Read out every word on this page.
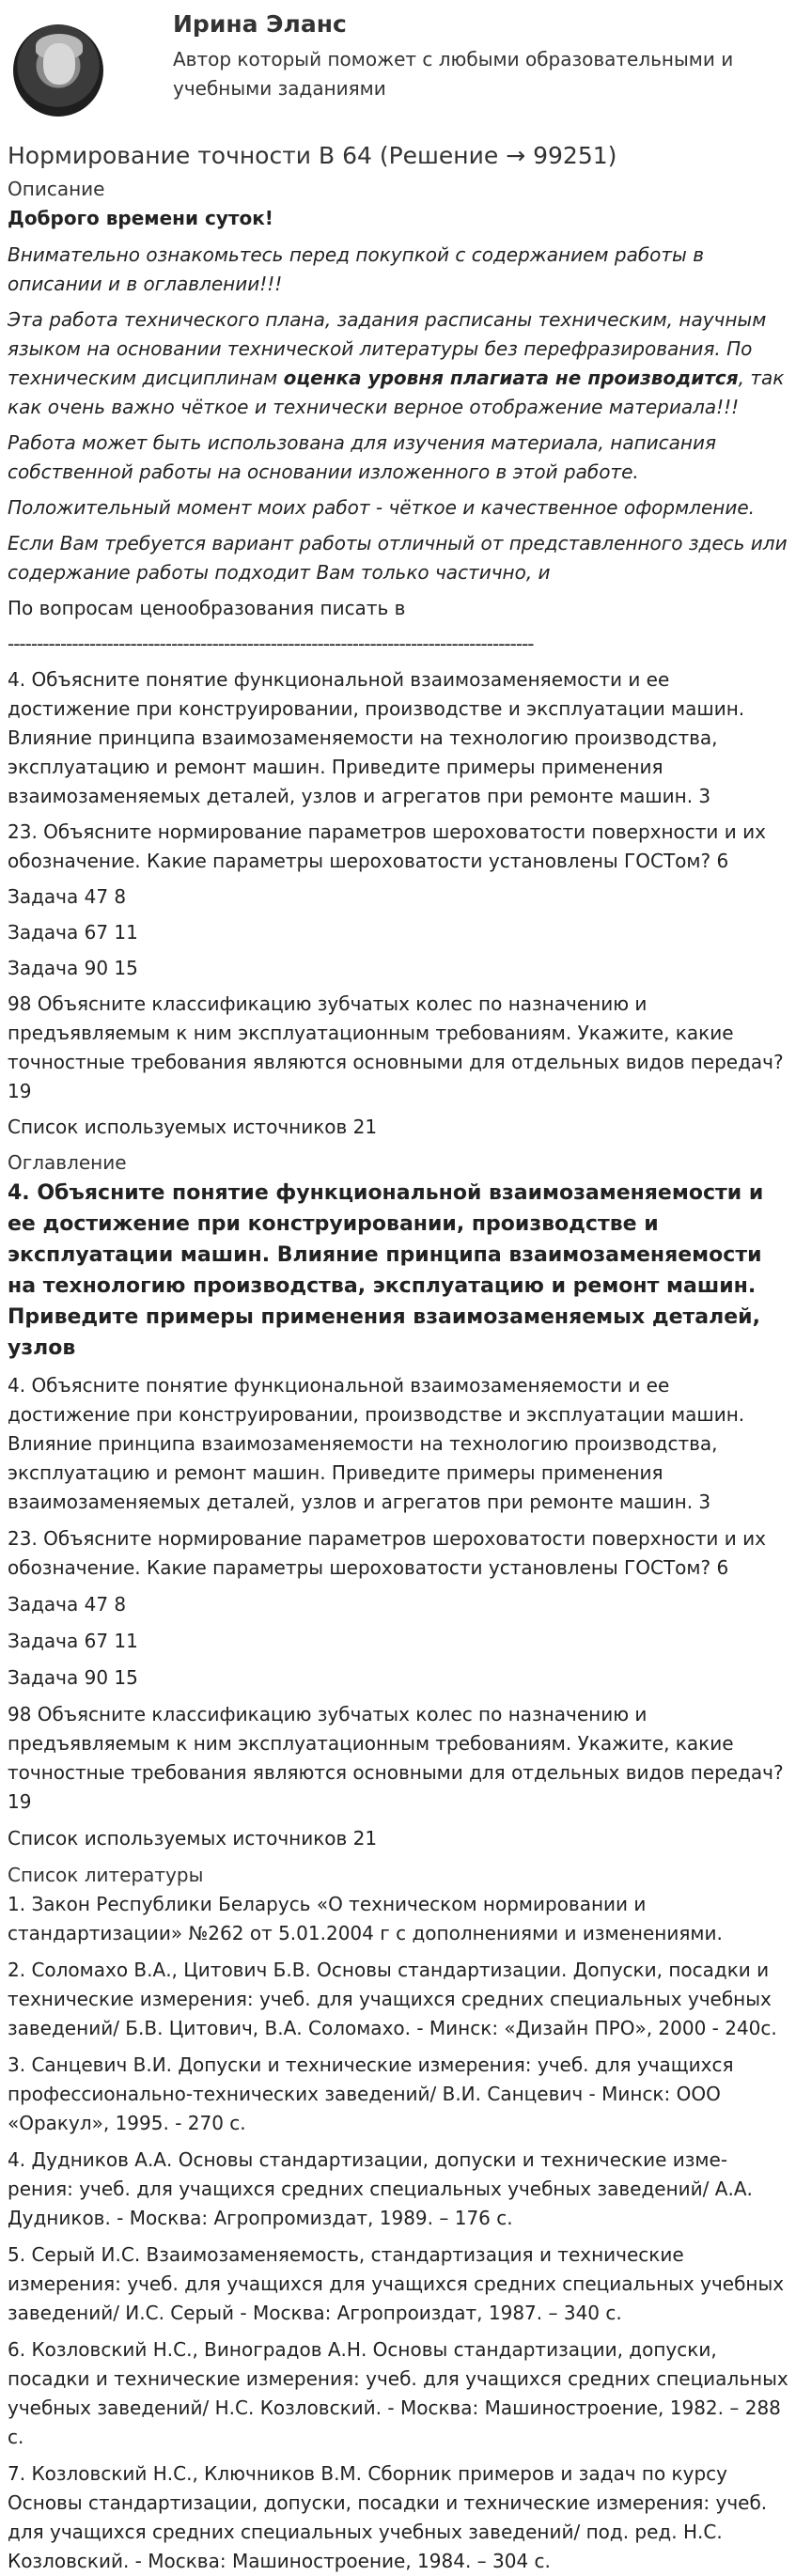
Ирина Эланс
Автор который поможет с любыми образовательными и учебными заданиями
Нормирование точности В 64 (Решение → 99251)
Описание

Доброго времени суток!

Внимательно ознакомьтесь перед покупкой с содержанием работы в описании и в оглавлении!!!

Эта работа технического плана, задания расписаны техническим, научным языком на основании технической литературы без перефразирования. По техническим дисциплинам оценка уровня плагиата не производится, так как очень важно чёткое и технически верное отображение материала!!!

Работа может быть использована для изучения материала, написания собственной работы на основании изложенного в этой работе.

Положительный момент моих работ - чёткое и качественное оформление.

Если Вам требуется вариант работы отличный от представленного здесь или содержание работы подходит Вам только частично, и

По вопросам ценообразования писать в

------------------------------------------------------------------------------------------

4. Объясните понятие функциональной взаимозаменяемости и ее достижение при конструировании, производстве и эксплуатации машин. Влияние принципа взаимозаменяемости на технологию производства, эксплуатацию и ремонт машин. Приведите примеры применения взаимозаменяемых деталей, узлов и агрегатов при ремонте машин. 3

23. Объясните нормирование параметров шероховатости поверхности и их обозначение. Какие параметры шероховатости установлены ГОСТом? 6

Задача 47 8

Задача 67 11

Задача 90 15

98 Объясните классификацию зубчатых колес по назначению и предъявляемым к ним эксплуатационным требованиям. Укажите, какие точностные требования являются основными для отдельных видов передач? 19

Список используемых источников 21

Оглавление
4. Объясните понятие функциональной взаимозаменяемости и ее достижение при конструировании, производстве и эксплуатации машин. Влияние принципа взаимозаменяемости на технологию производства, эксплуатацию и ремонт машин. Приведите примеры применения взаимозаменяемых деталей, узлов

4. Объясните понятие функциональной взаимозаменяемости и ее достижение при конструировании, производстве и эксплуатации машин. Влияние принципа взаимозаменяемости на технологию производства, эксплуатацию и ремонт машин. Приведите примеры применения взаимозаменяемых деталей, узлов и агрегатов при ремонте машин. 3

23. Объясните нормирование параметров шероховатости поверхности и их обозначение. Какие параметры шероховатости установлены ГОСТом? 6

Задача 47 8

Задача 67 11

Задача 90 15

98 Объясните классификацию зубчатых колес по назначению и предъявляемым к ним эксплуатационным требованиям. Укажите, какие точностные требования являются основными для отдельных видов передач? 19

Список используемых источников 21

Список литературы

1. Закон Республики Беларусь «О техническом нормировании и стандартизации» №262 от 5.01.2004 г с дополнениями и изменениями.

2. Соломахо В.А., Цитович Б.В. Основы стандартизации. Допуски, посадки и технические измерения: учеб. для учащихся средних специальных учебных заведений/ Б.В. Цитович, В.А. Соломахо. - Минск: «Дизайн ПРО», 2000 - 240с.

3. Санцевич В.И. Допуски и технические измерения: учеб. для учащихся профессионально-технических заведений/ В.И. Санцевич - Минск: ООО «Оракул», 1995. - 270 с.

4. Дудников А.А. Основы стандартизации, допуски и технические изме-рения: учеб. для учащихся средних специальных учебных заведений/ А.А. Дудников. - Москва: Агропромиздат, 1989. – 176 с.

5. Серый И.С. Взаимозаменяемость, стандартизация и технические измерения: учеб. для учащихся для учащихся средних специальных учебных заведений/ И.С. Серый - Москва: Агропроиздат, 1987. – 340 с.

6. Козловский Н.С., Виноградов А.Н. Основы стандартизации, допуски, посадки и технические измерения: учеб. для учащихся средних специальных учебных заведений/ Н.С. Козловский. - Москва: Машиностроение, 1982. – 288 с.

7. Козловский Н.С., Ключников В.М. Сборник примеров и задач по курсу Основы стандартизации, допуски, посадки и технические измерения: учеб. для учащихся средних специальных учебных заведений/ под. ред. Н.С. Козловский. - Москва: Машиностроение, 1984. – 304 с.
